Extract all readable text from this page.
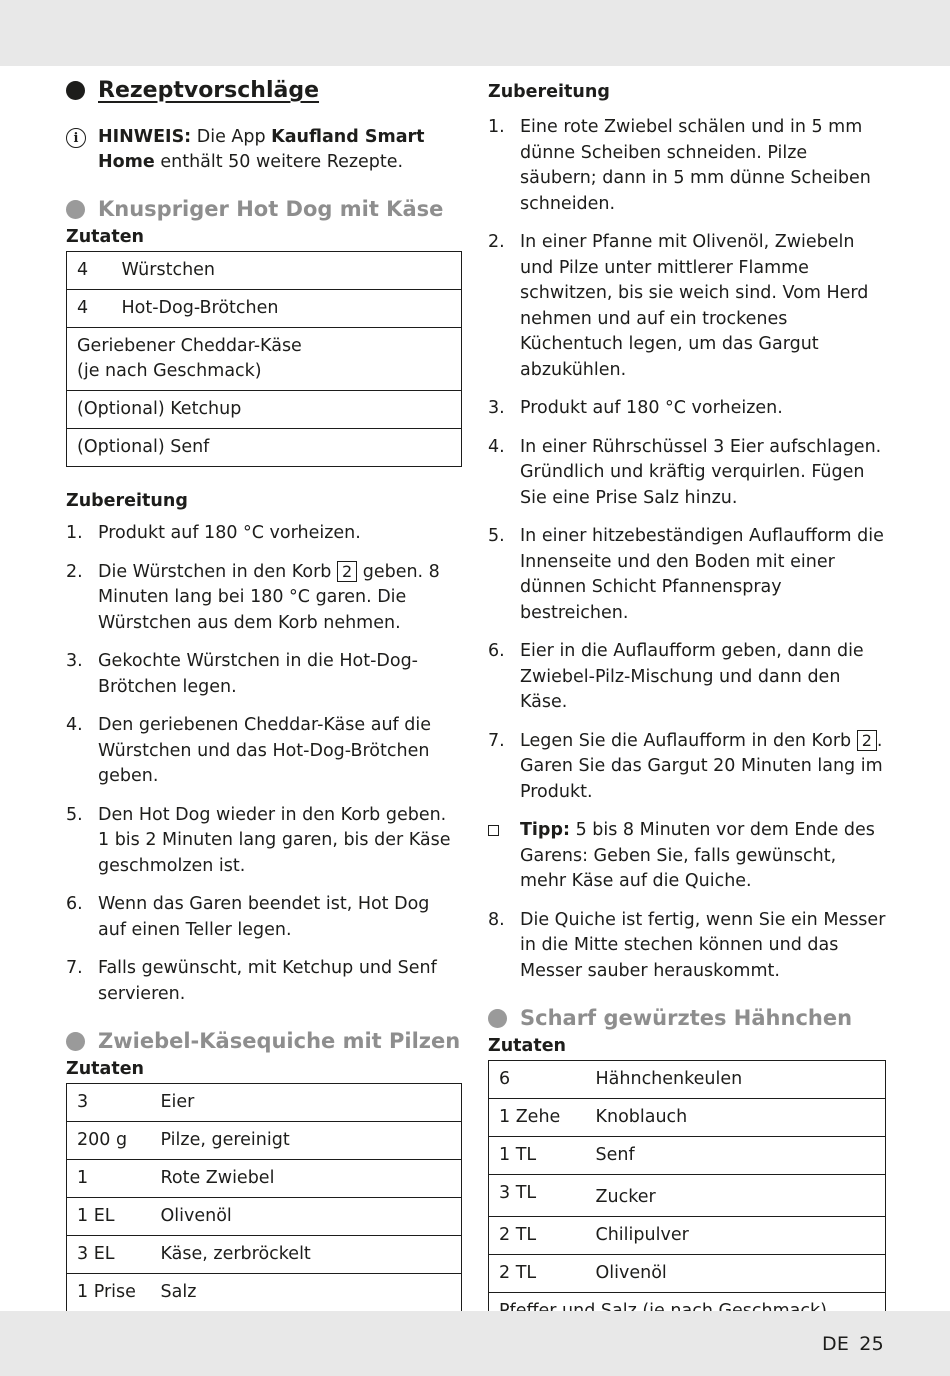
Rezeptvorschläge
i	HINWEIS: Die App Kaufland Smart Home enthält 50 weitere Rezepte.
Knuspriger Hot Dog mit Käse
Zutaten
4	Würstchen
4	Hot-Dog-Brötchen
Geriebener Cheddar-Käse
(je nach Geschmack)	
(Optional) Ketchup	
(Optional) Senf	
Zubereitung
1. Produkt auf 180 °C vorheizen.
2. Die Würstchen in den Korb 2 geben. 8 Minuten lang bei 180 °C garen. Die Würstchen aus dem Korb nehmen.
3. Gekochte Würstchen in die Hot-Dog-Brötchen legen.
4. Den geriebenen Cheddar-Käse auf die Würstchen und das Hot-Dog-Brötchen geben.
5. Den Hot Dog wieder in den Korb geben. 1 bis 2 Minuten lang garen, bis der Käse geschmolzen ist.
6. Wenn das Garen beendet ist, Hot Dog auf einen Teller legen.
7. Falls gewünscht, mit Ketchup und Senf servieren.
Zwiebel-Käsequiche mit Pilzen
Zutaten
3	Eier
200 g	Pilze, gereinigt
1	Rote Zwiebel
1 EL	Olivenöl
3 EL	Käse, zerbröckelt
1 Prise	Salz
Zubereitung
1. Eine rote Zwiebel schälen und in 5 mm dünne Scheiben schneiden. Pilze säubern; dann in 5 mm dünne Scheiben schneiden.
2. In einer Pfanne mit Olivenöl, Zwiebeln und Pilze unter mittlerer Flamme schwitzen, bis sie weich sind. Vom Herd nehmen und auf ein trockenes Küchentuch legen, um das Gargut abzukühlen.
3. Produkt auf 180 °C vorheizen.
4. In einer Rührschüssel 3 Eier aufschlagen. Gründlich und kräftig verquirlen. Fügen Sie eine Prise Salz hinzu.
5. In einer hitzebeständigen Auflaufform die Innenseite und den Boden mit einer dünnen Schicht Pfannenspray bestreichen.
6. Eier in die Auflaufform geben, dann die Zwiebel-Pilz-Mischung und dann den Käse.
7. Legen Sie die Auflaufform in den Korb 2 . Garen Sie das Gargut 20 Minuten lang im Produkt.
Tipp: 5 bis 8 Minuten vor dem Ende des Garens: Geben Sie, falls gewünscht, mehr Käse auf die Quiche.
8. Die Quiche ist fertig, wenn Sie ein Messer in die Mitte stechen können und das Messer sauber herauskommt.
Scharf gewürztes Hähnchen
Zutaten
6	Hähnchenkeulen
1 Zehe	Knoblauch
1 TL	Senf
3 TL	Zucker
2 TL	Chilipulver
2 TL	Olivenöl

DE 25
